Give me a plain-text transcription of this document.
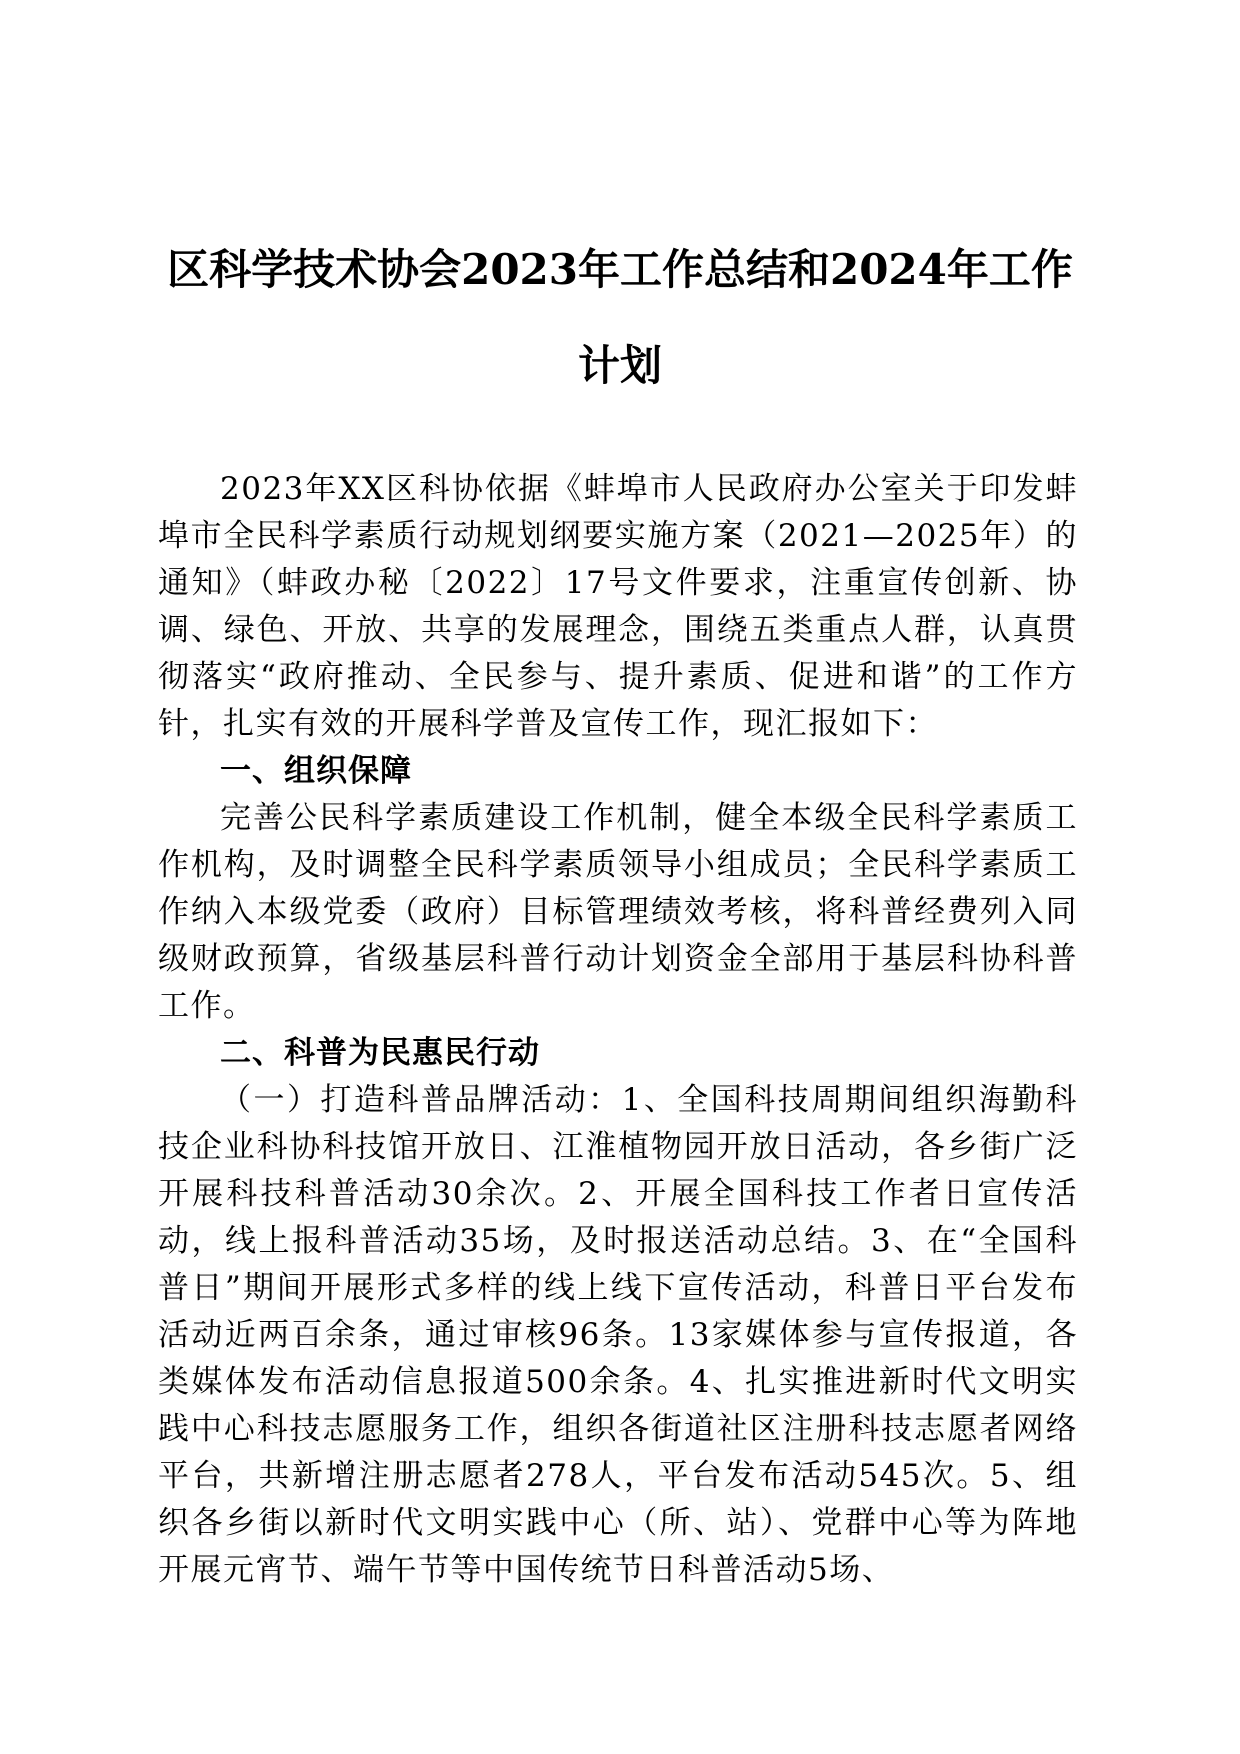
区科学技术协会2023年工作总结和2024年工作计划

2023年XX区科协依据《蚌埠市人民政府办公室关于印发蚌埠市全民科学素质行动规划纲要实施方案（2021—2025年）的通知》（蚌政办秘〔2022〕17号文件要求，注重宣传创新、协调、绿色、开放、共享的发展理念，围绕五类重点人群，认真贯彻落实“政府推动、全民参与、提升素质、促进和谐”的工作方针，扎实有效的开展科学普及宣传工作，现汇报如下：

一、组织保障

完善公民科学素质建设工作机制，健全本级全民科学素质工作机构，及时调整全民科学素质领导小组成员；全民科学素质工作纳入本级党委（政府）目标管理绩效考核，将科普经费列入同级财政预算，省级基层科普行动计划资金全部用于基层科协科普工作。

二、科普为民惠民行动

（一）打造科普品牌活动：1、全国科技周期间组织海勤科技企业科协科技馆开放日、江淮植物园开放日活动，各乡街广泛开展科技科普活动30余次。2、开展全国科技工作者日宣传活动，线上报科普活动35场，及时报送活动总结。3、在“全国科普日”期间开展形式多样的线上线下宣传活动，科普日平台发布活动近两百余条，通过审核96条。13家媒体参与宣传报道，各类媒体发布活动信息报道500余条。4、扎实推进新时代文明实践中心科技志愿服务工作，组织各街道社区注册科技志愿者网络平台，共新增注册志愿者278人，平台发布活动545次。5、组织各乡街以新时代文明实践中心（所、站）、党群中心等为阵地开展元宵节、端午节等中国传统节日科普活动5场、
